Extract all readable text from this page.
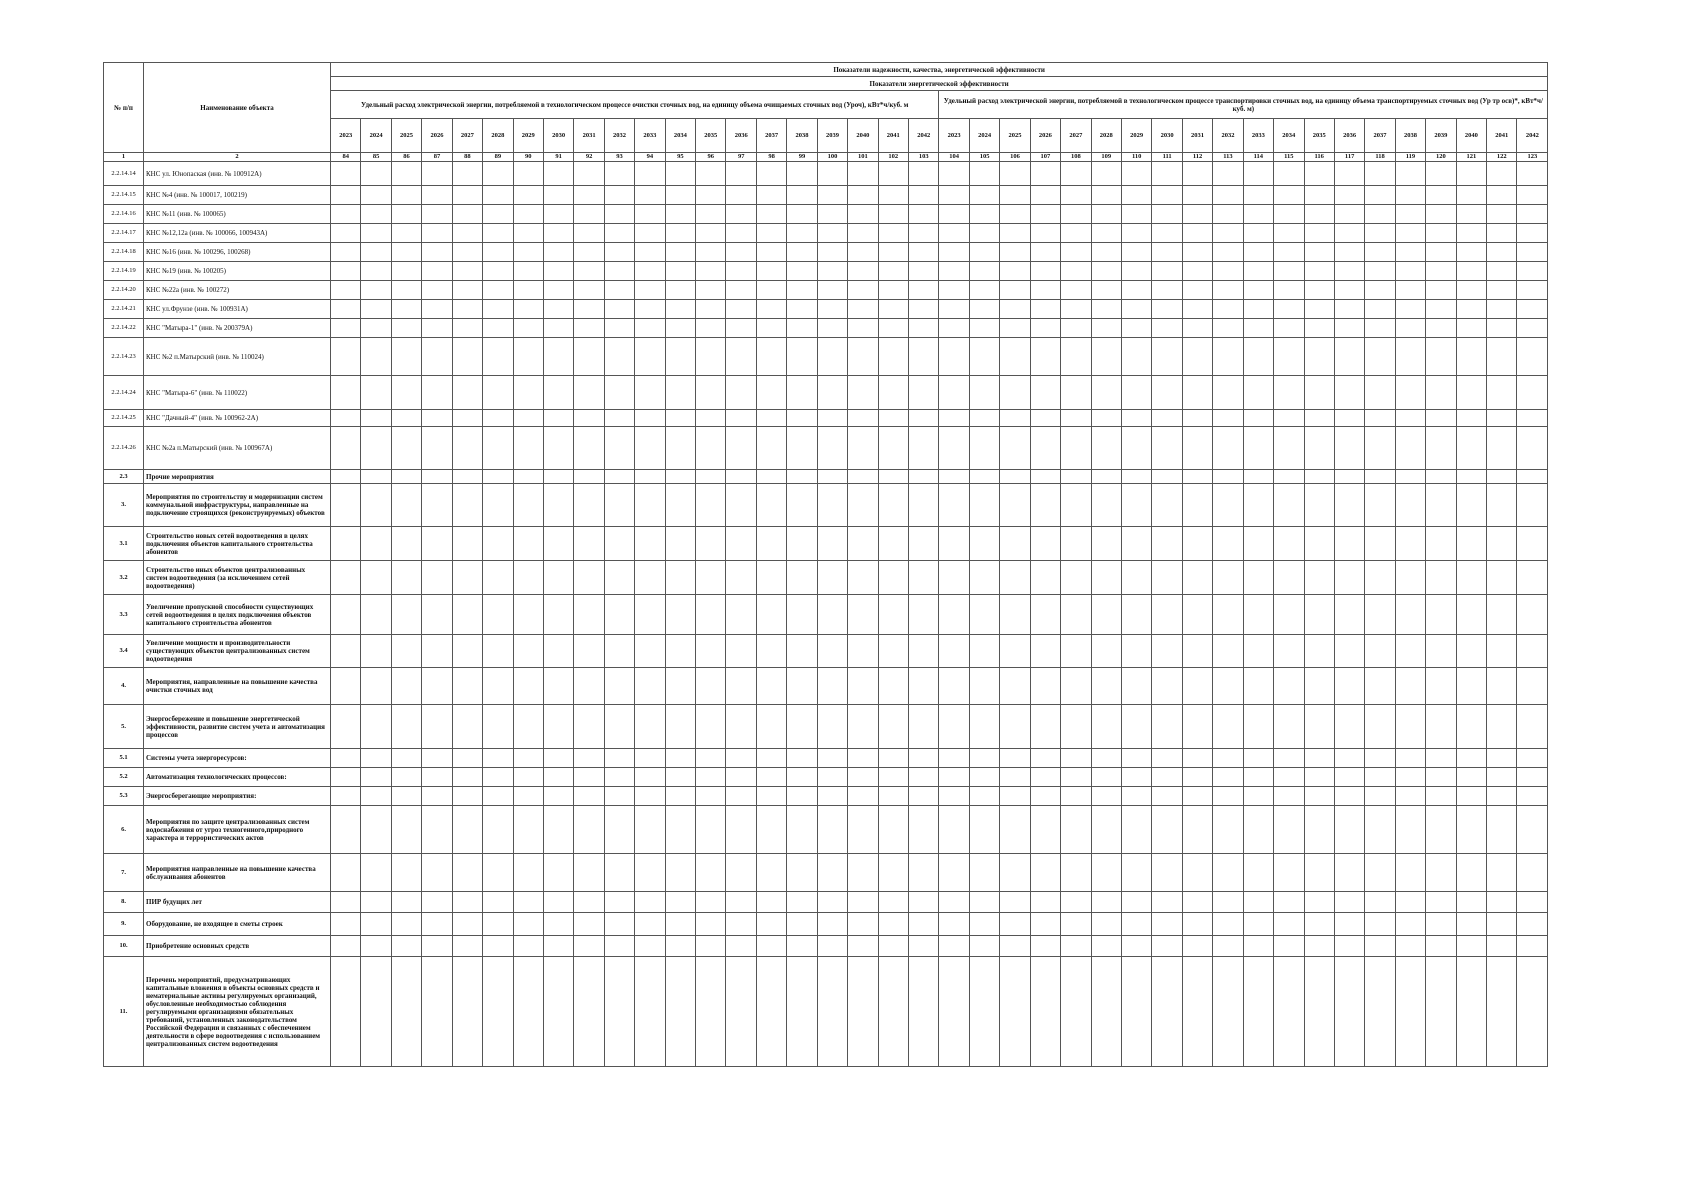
№ п/п	Наименование объекта	Показатели надежности, качества, энергетической эффективности																																							
		Показатели энергетической эффективности																																							
		Удельный расход электрической энергии, потребляемой в технологическом процессе очистки сточных вод, на единицу объема очищаемых сточных вод (Уроч), кВт*ч/куб. м																				Удельный расход электрической энергии, потребляемой в технологическом процессе транспортировки сточных вод, на единицу объема транспортируемых сточных вод (Ур тр осв)*, кВт*ч/куб. м)																			
		2023	2024	2025	2026	2027	2028	2029	2030	2031	2032	2033	2034	2035	2036	2037	2038	2039	2040	2041	2042	2023	2024	2025	2026	2027	2028	2029	2030	2031	2032	2033	2034	2035	2036	2037	2038	2039	2040	2041	2042
1	2	84	85	86	87	88	89	90	91	92	93	94	95	96	97	98	99	100	101	102	103	104	105	106	107	108	109	110	111	112	113	114	115	116	117	118	119	120	121	122	123
2.2.14.14	КНС ул. Юнопаская (инв. № 100912А)																																								
2.2.14.15	КНС №4 (инв. № 100017, 100219)																																								
2.2.14.16	КНС №11 (инв. № 100065)																																								
2.2.14.17	КНС №12,12а (инв. № 100066, 100943А)																																								
2.2.14.18	КНС №16 (инв. № 100296, 100268)																																								
2.2.14.19	КНС №19 (инв. № 100205)																																								
2.2.14.20	КНС №22а (инв. № 100272)																																								
2.2.14.21	КНС ул.Фрунзе (инв. № 100931А)																																								
2.2.14.22	КНС "Матыра-1" (инв. № 200379А)																																								
2.2.14.23	КНС №2 п.Матырский (инв. № 110024)																																								
2.2.14.24	КНС "Матыра-6" (инв. № 110022)																																								
2.2.14.25	КНС "Дачный-4" (инв. № 100962-2А)																																								
2.2.14.26	КНС №2а п.Матырский (инв. № 100967А)																																								
2.3	Прочие мероприятия																																								
3.	Мероприятия по строительству и модернизации систем коммунальной инфраструктуры, направленные на подключение строящихся (реконструируемых) объектов																																								
3.1	Строительство новых сетей водоотведения в целях подключения объектов капитального строительства абонентов																																								
3.2	Строительство иных объектов централизованных систем водоотведения (за исключением сетей водоотведения)																																								
3.3	Увеличение пропускной способности существующих сетей водоотведения в целях подключения объектов капитального строительства абонентов																																								
3.4	Увеличение мощности и производительности существующих объектов централизованных систем водоотведения																																								
4.	Мероприятия, направленные на повышение качества очистки сточных вод																																								
5.	Энергосбережение и повышение энергетической эффективности, развитие систем учета и автоматизация процессов																																								
5.1	Системы учета энергоресурсов:																																								
5.2	Автоматизация технологических процессов:																																								
5.3	Энергосберегающие мероприятия:																																								
6.	Мероприятия по защите централизованных систем водоснабжения от угроз техногенного,природного характера и террористических актов																																								
7.	Мероприятия направленные на повышение качества обслуживания абонентов																																								
8.	ПИР будущих лет																																								
9.	Оборудование, не входящее в сметы строек																																								
10.	Приобретение основных средств																																								
11.	Перечень мероприятий, предусматривающих капитальные вложения в объекты основных средств и нематериальные активы регулируемых организаций, обусловленные необходимостью соблюдения регулируемыми организациями обязательных требований, установленных законодательством Российской Федерации и связанных с обеспечением деятельности в сфере водоотведения с использованием централизованных систем водоотведения																																								
